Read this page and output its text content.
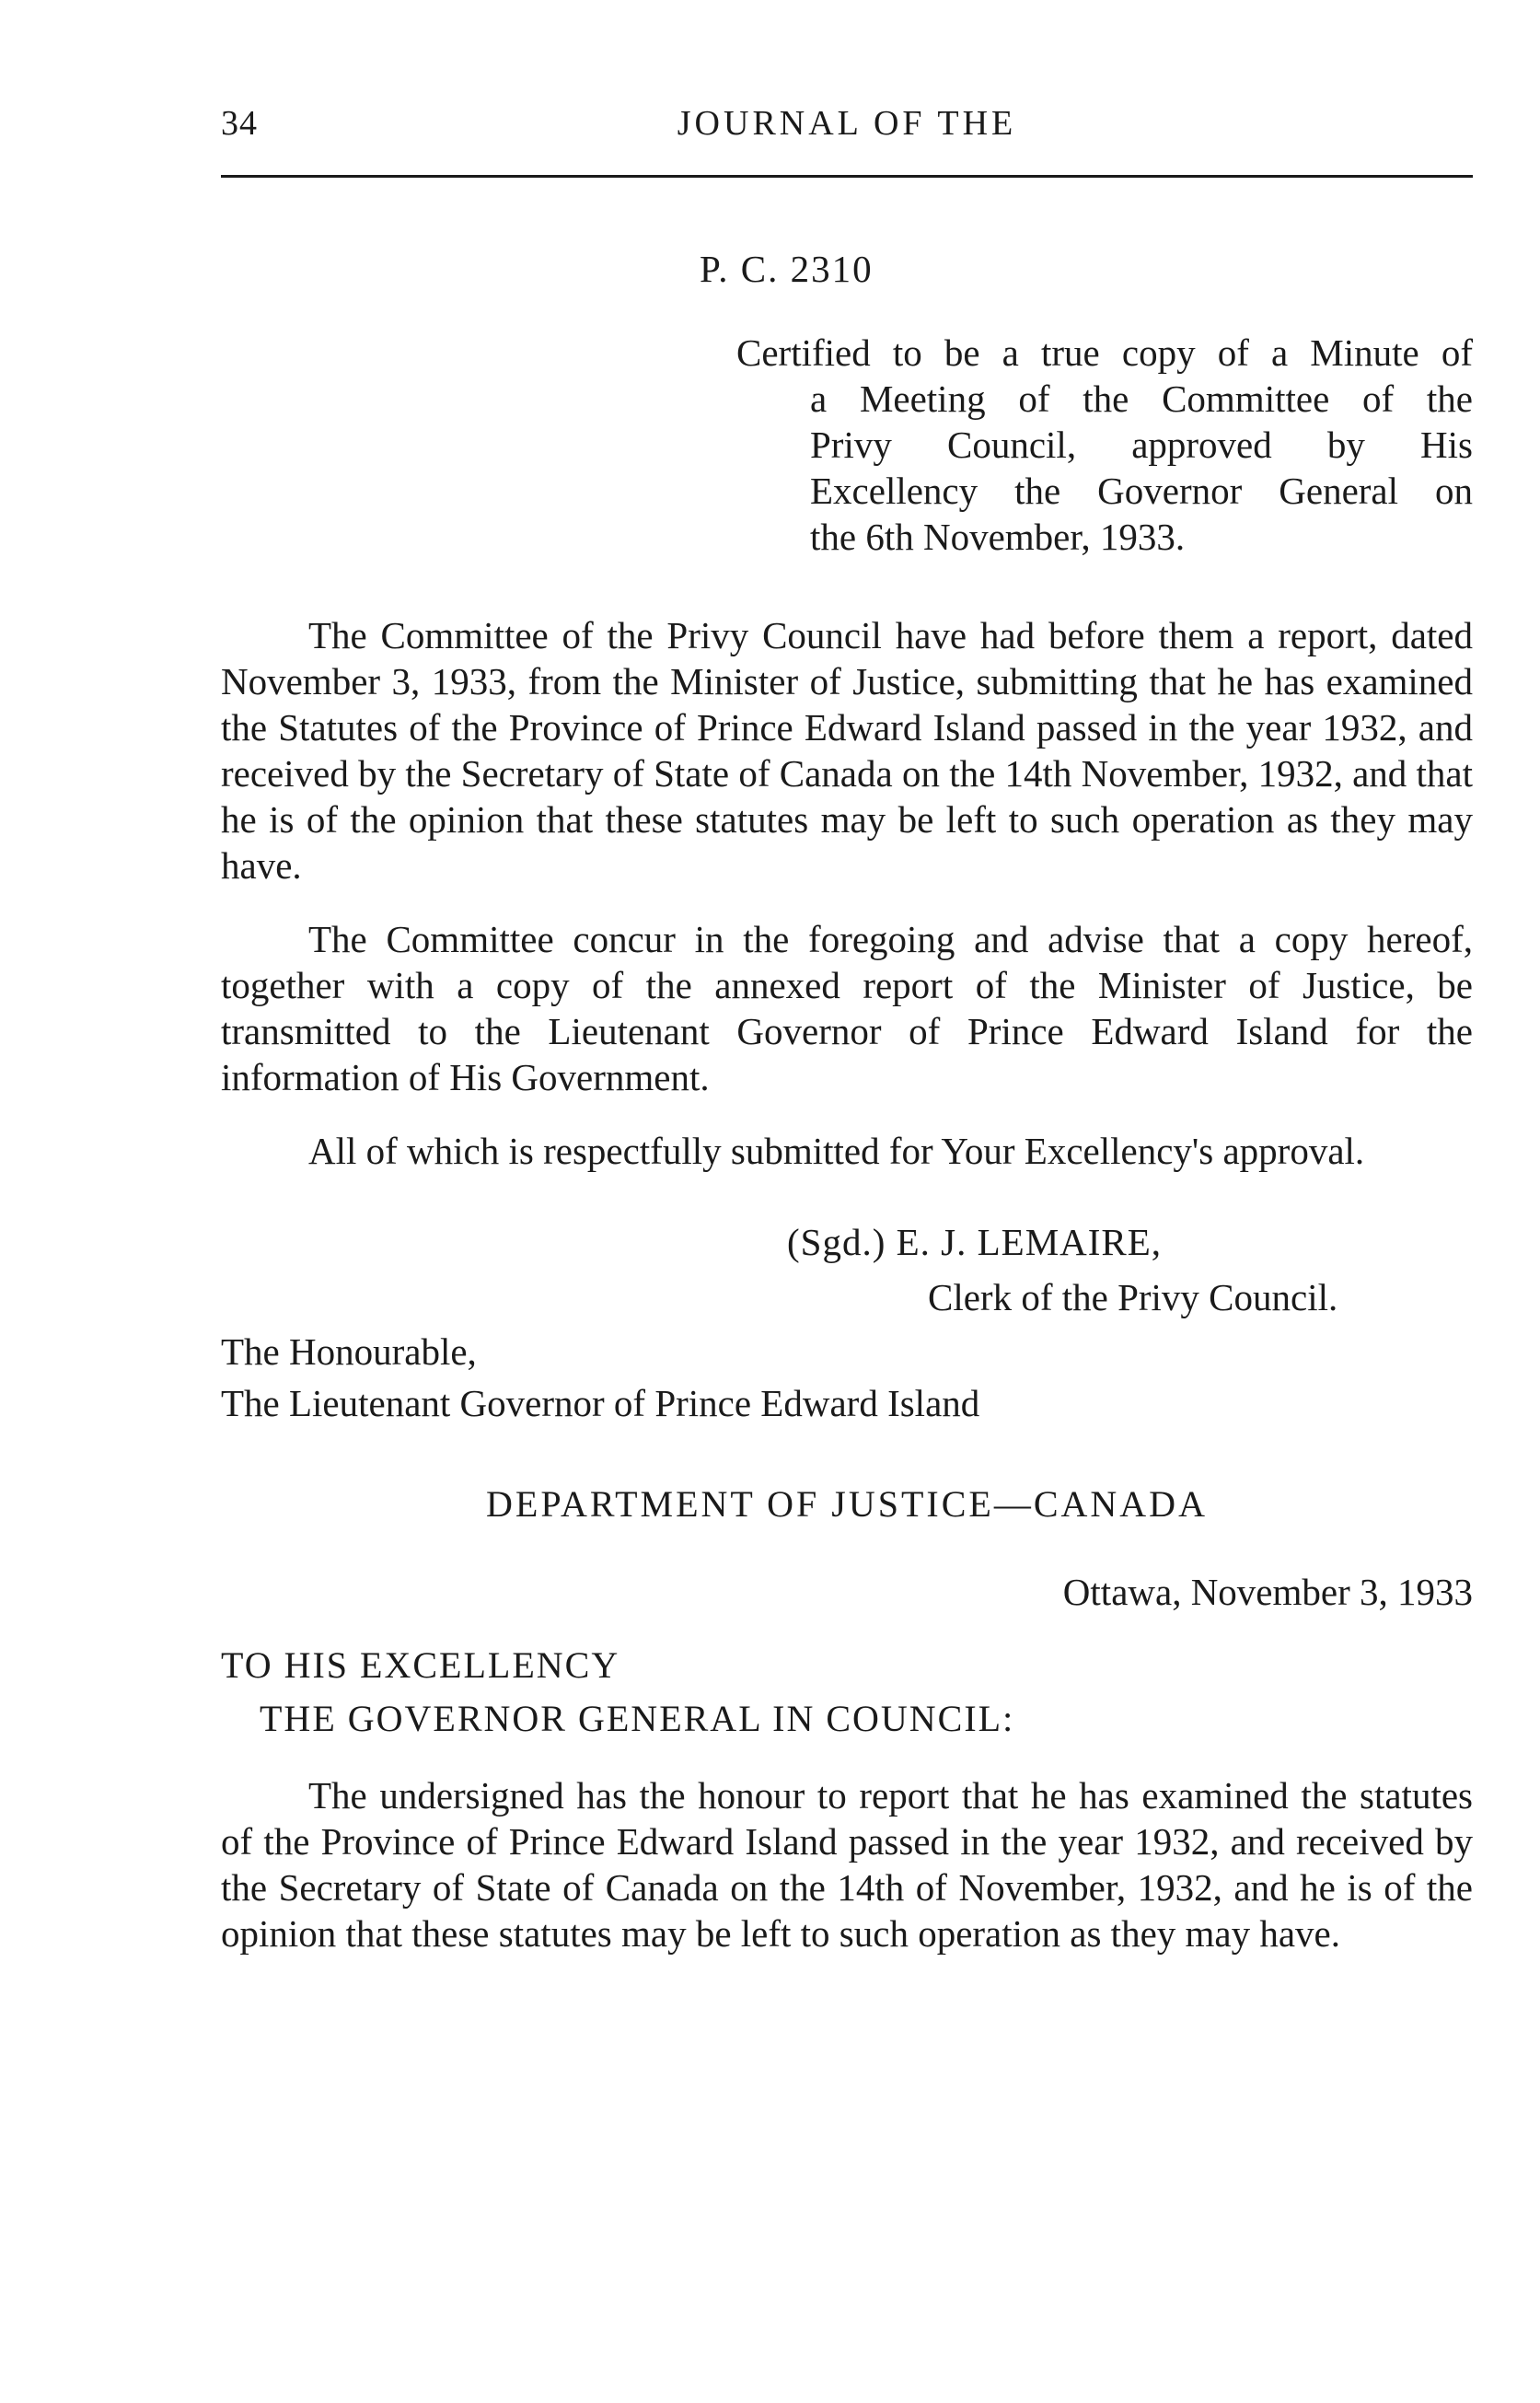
34	JOURNAL OF THE
P. C. 2310
Certified to be a true copy of a Minute of
a Meeting of the Committee of the
Privy Council, approved by His
Excellency the Governor General on
the 6th November, 1933.

The Committee of the Privy Council have had before them a report, dated November 3, 1933, from the Minister of Justice, submitting that he has examined the Statutes of the Province of Prince Edward Island passed in the year 1932, and received by the Secretary of State of Canada on the 14th November, 1932, and that he is of the opinion that these statutes may be left to such operation as they may have.

The Committee concur in the foregoing and advise that a copy hereof, together with a copy of the annexed report of the Minister of Justice, be transmitted to the Lieutenant Governor of Prince Edward Island for the information of His Government.

All of which is respectfully submitted for Your Excellency's approval.

(Sgd.) E. J. LEMAIRE,
Clerk of the Privy Council.
The Honourable,
The Lieutenant Governor of Prince Edward Island
DEPARTMENT OF JUSTICE—CANADA
Ottawa, November 3, 1933
TO HIS EXCELLENCY
THE GOVERNOR GENERAL IN COUNCIL:

The undersigned has the honour to report that he has examined the statutes of the Province of Prince Edward Island passed in the year 1932, and received by the Secretary of State of Canada on the 14th of November, 1932, and he is of the opinion that these statutes may be left to such operation as they may have.
